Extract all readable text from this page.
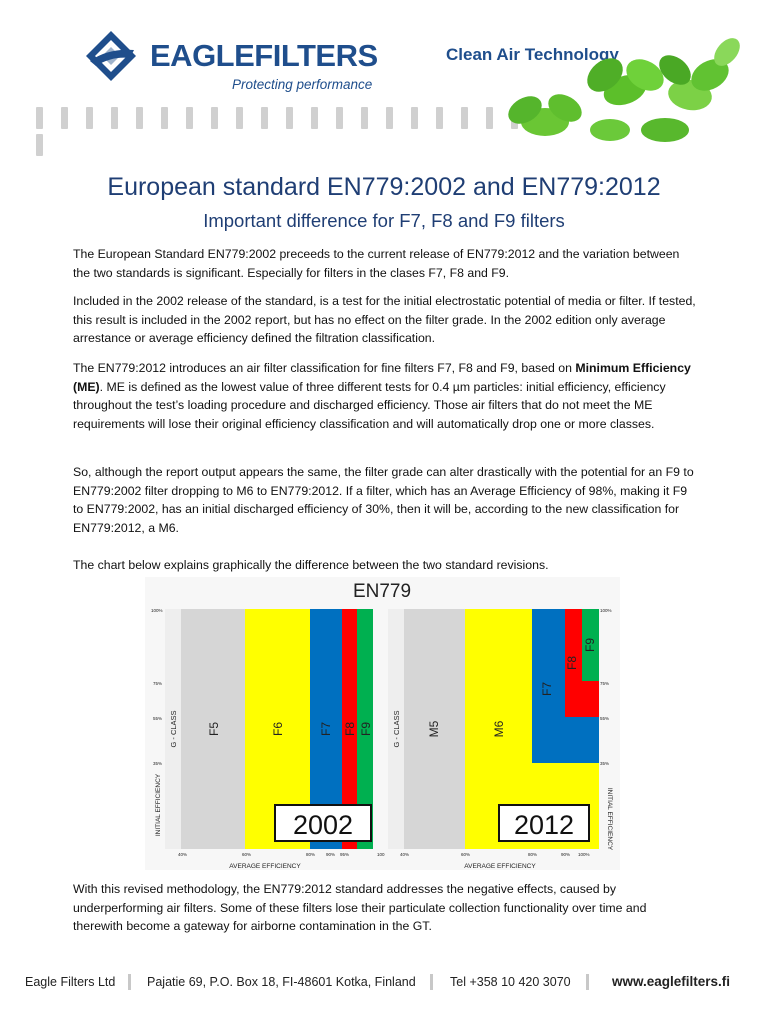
EAGLEFILTERS
Protecting performance
Clean Air Technology
European standard EN779:2002 and EN779:2012
Important difference for F7, F8 and F9 filters
The European Standard EN779:2002 preceeds to the current release of EN779:2012 and the variation between the two standards is significant. Especially for filters in the clases F7, F8 and F9.
Included in the 2002 release of the standard, is a test for the initial electrostatic potential of media or filter. If tested, this result is included in the 2002 report, but has no effect on the filter grade. In the 2002 edition only average arrestance or average efficiency defined the filtration classification.
The EN779:2012 introduces an air filter classification for fine filters F7, F8 and F9, based on Minimum Efficiency (ME). ME is defined as the lowest value of three different tests for 0.4 µm particles: initial efficiency, efficiency throughout the test’s loading procedure and discharged efficiency. Those air filters that do not meet the ME requirements will lose their original efficiency classification and will automatically drop one or more classes.
So, although the report output appears the same, the filter grade can alter drastically with the potential for an F9 to EN779:2002 filter dropping to M6 to EN779:2012. If a filter, which has an Average Efficiency of 98%, making it F9 to EN779:2002, has an initial discharged efficiency of 30%, then it will be, according to the new classification for EN779:2012, a M6.
The chart below explains graphically the difference between the two standard revisions.
EN779
G - CLASS F5	F6	F7 F8 F9
100%
75%
55%
35%
INITIAL EFFICIENCY
40%	60%	80% 90% 95%	100
AVERAGE EFFICIENCY
2002
G - CLASS M5	M6
F7
F8
F9
100%
75%
55%
35%
INITIAL EFFICIENCY
40%	60%	80%	90% 100%
AVERAGE EFFICIENCY
2012
With this revised methodology, the EN779:2012 standard addresses the negative effects, caused by underperforming air filters. Some of these filters lose their particulate collection functionality over time and therewith become a gateway for airborne contamination in the GT.
Eagle Filters Ltd	Pajatie 69, P.O. Box 18, FI-48601 Kotka, Finland	Tel +358 10 420 3070	www.eaglefilters.fi
